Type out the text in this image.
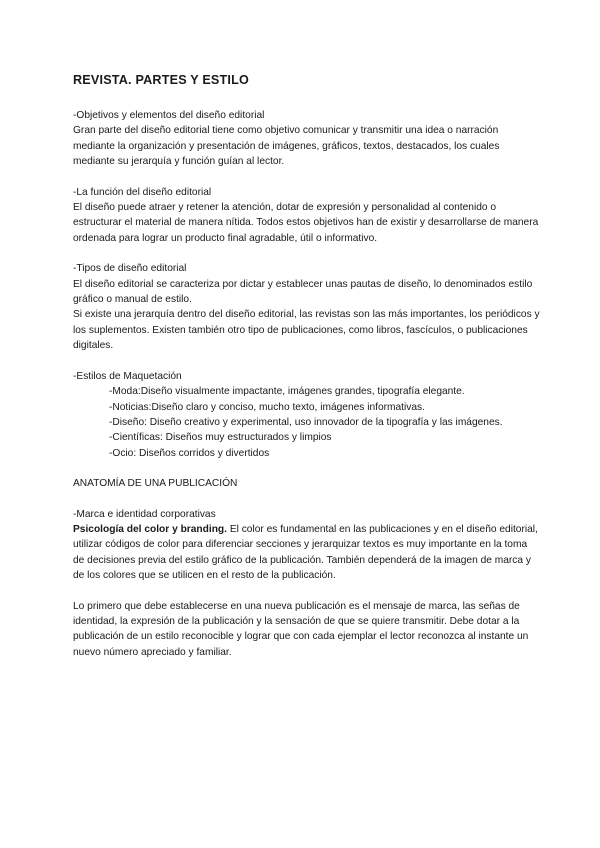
REVISTA. PARTES Y ESTILO

-Objetivos y elementos del diseño editorial

Gran parte del diseño editorial tiene como objetivo comunicar y transmitir una idea o narración mediante la organización y presentación de imágenes, gráficos, textos, destacados, los cuales mediante su jerarquía y función guían al lector.

-La función del diseño editorial

El diseño puede atraer y retener la atención, dotar de expresión y personalidad al contenido o estructurar el material de manera nítida. Todos estos objetivos han de existir y desarrollarse de manera ordenada para lograr un producto final agradable, útil o informativo.

-Tipos de diseño editorial

El diseño editorial se caracteriza por dictar y establecer unas pautas de diseño, lo denominados estilo gráfico o manual de estilo.

Si existe una jerarquía dentro del diseño editorial, las revistas son las más importantes, los periódicos y los suplementos. Existen también otro tipo de publicaciones, como libros, fascículos, o publicaciones digitales.

-Estilos de Maquetación

-Moda:Diseño visualmente impactante, imágenes grandes, tipografía elegante.

-Noticias:Diseño claro y conciso, mucho texto, imágenes informativas.

-Diseño: Diseño creativo y experimental, uso innovador de la tipografía y las imágenes.

-Científicas: Diseños muy estructurados y limpios

-Ocio: Diseños corridos y divertidos

ANATOMÍA DE UNA PUBLICACIÓN

-Marca e identidad corporativas

Psicología del color y branding. El color es fundamental en las publicaciones y en el diseño editorial, utilizar códigos de color para diferenciar secciones y jerarquizar textos es muy importante en la toma de decisiones previa del estilo gráfico de la publicación. También dependerá de la imagen de marca y de los colores que se utilicen en el resto de la publicación.

Lo primero que debe establecerse en una nueva publicación es el mensaje de marca, las señas de identidad, la expresión de la publicación y la sensación de que se quiere transmitir. Debe dotar a la publicación de un estilo reconocible y lograr que con cada ejemplar el lector reconozca al instante un nuevo número apreciado y familiar.
